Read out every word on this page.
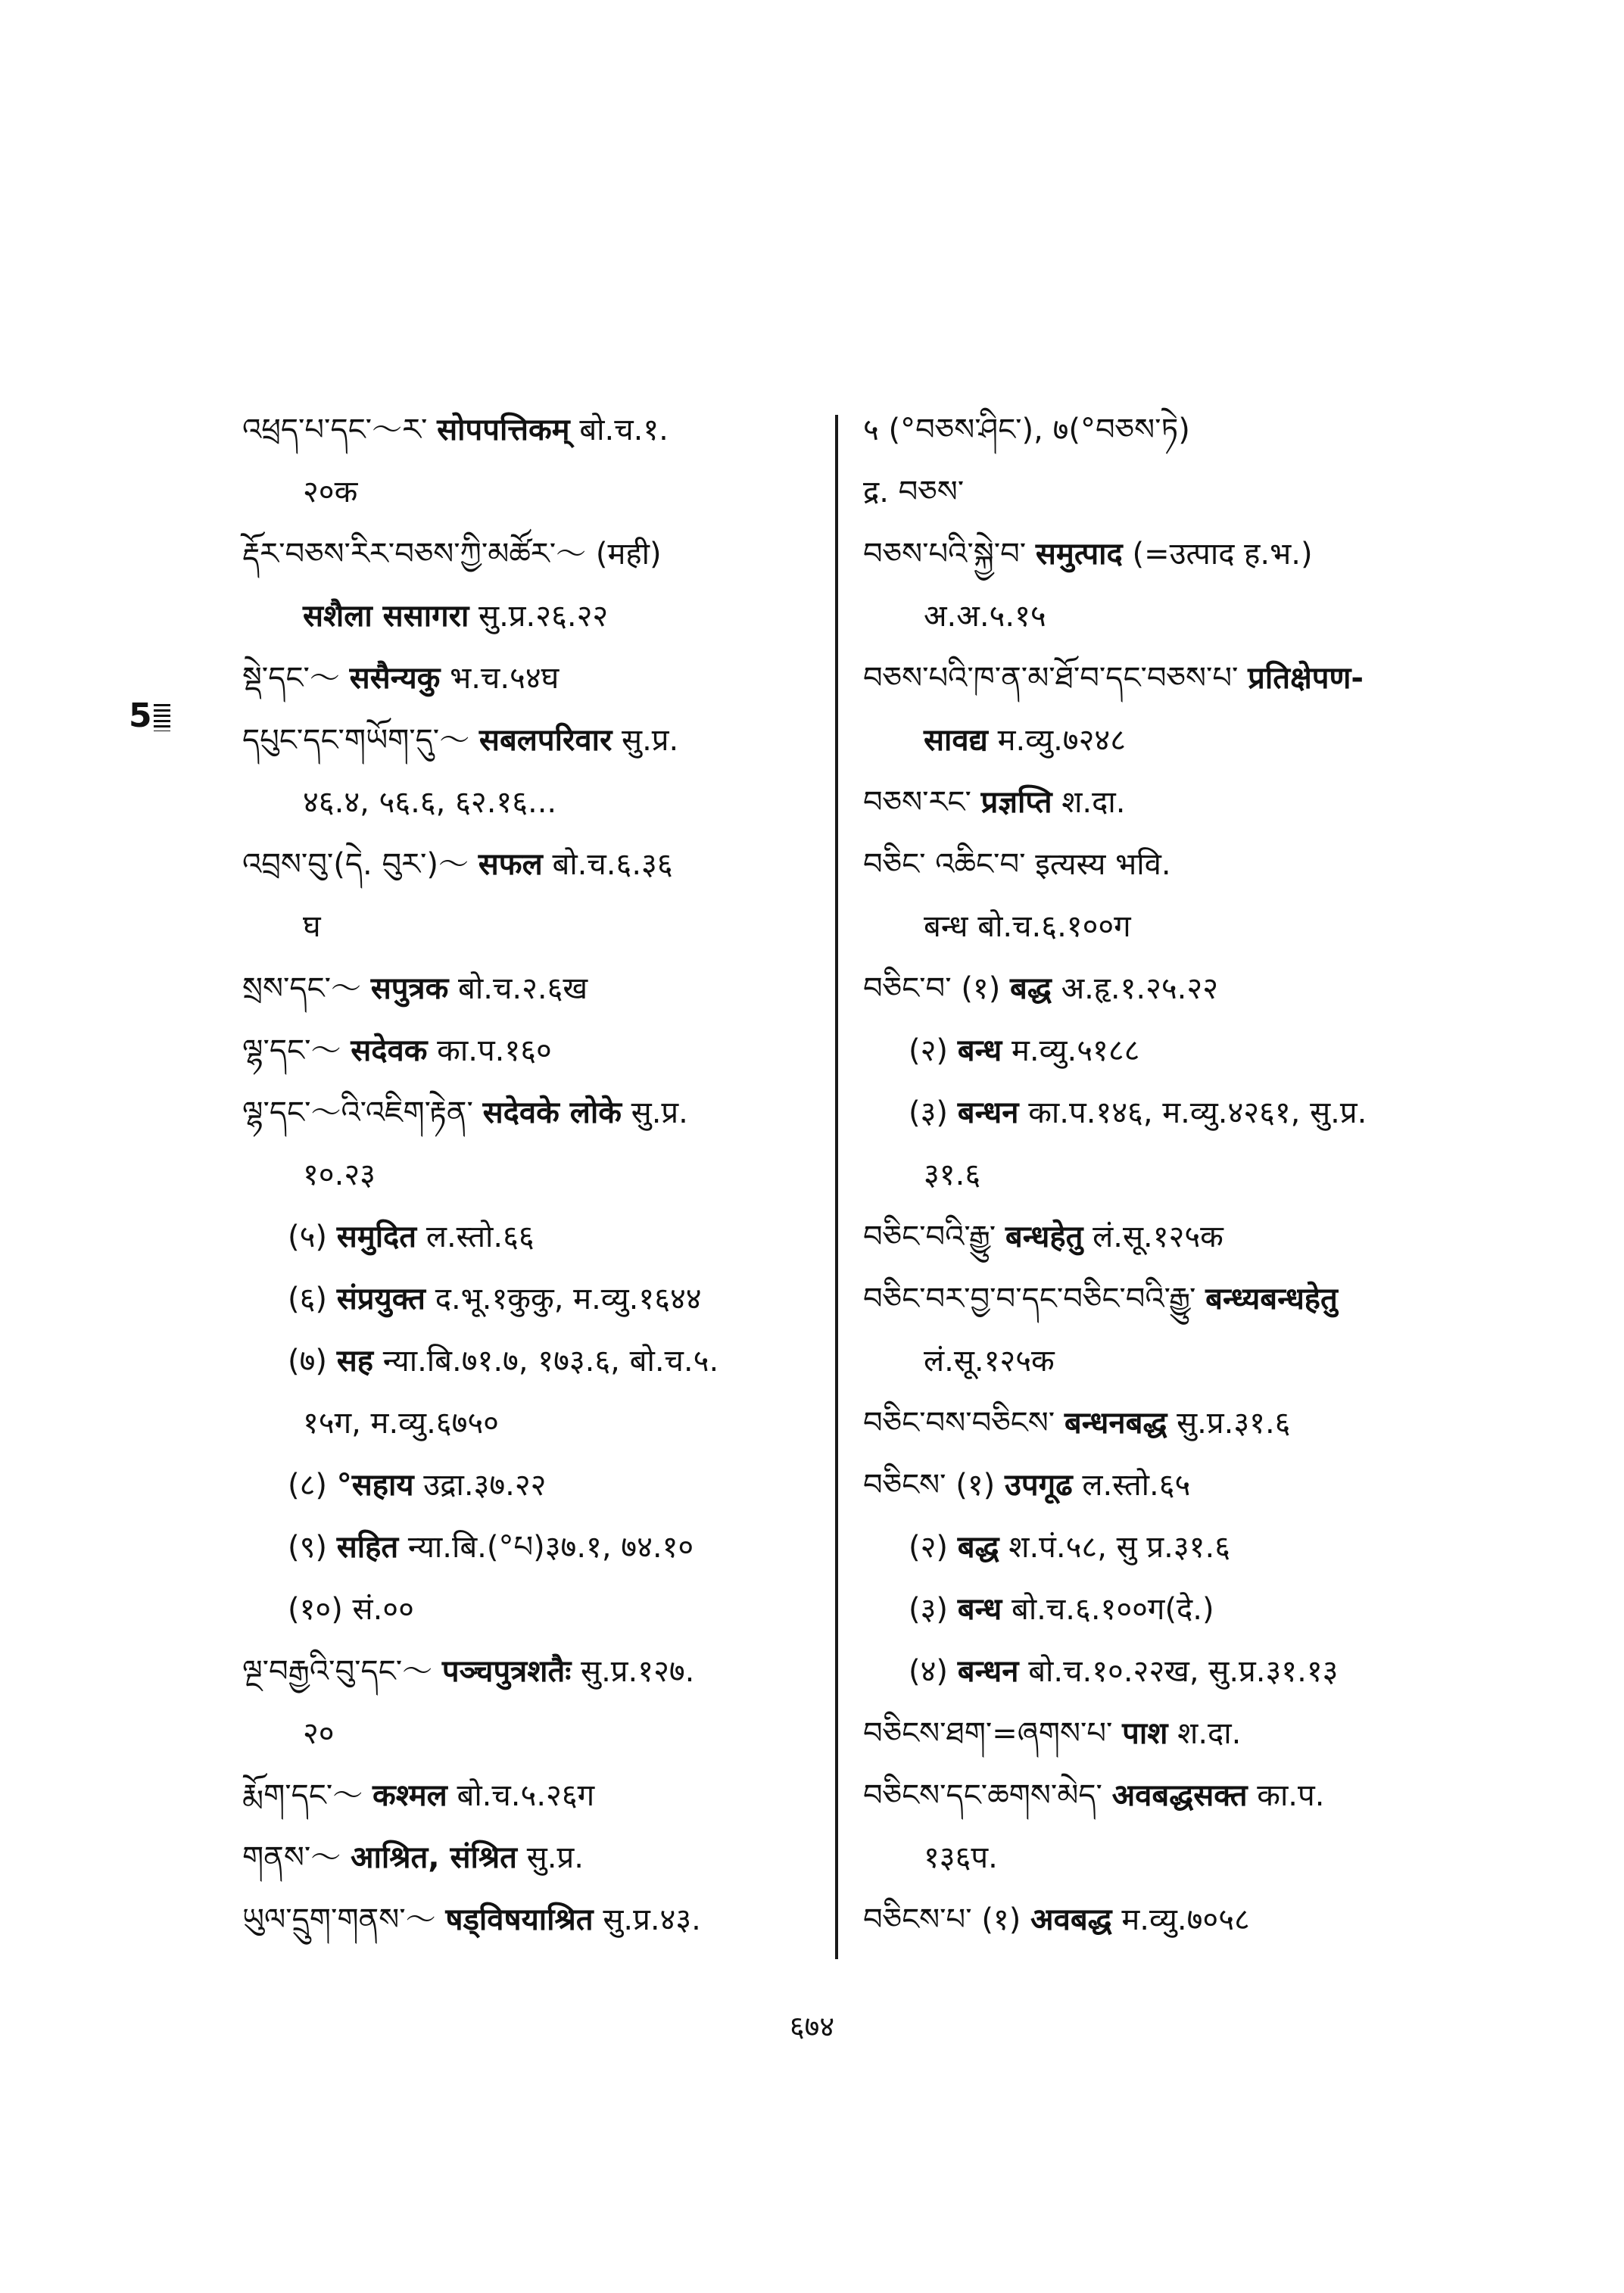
5
འཕྲད་པ་དང་～ར་ सोपपत्तिकम् बो.च.१.
२०क
རྡོར་བཅས་རིར་བཅས་ཀྱི་མཚོར་～ (मही)
सशैला ससागरा सु.प्र.२६.२२
སྡེ་དང་～ ससैन्यकु भ.च.५४घ
དཔུང་དང་གཡོག་དུ་～ सबलपरिवार सु.प्र.
४६.४, ५६.६, ६२.१६...
འབྲས་བུ་(དེ. བུར་)～ सफल बो.च.६.३६
घ
སྲས་དང་～ सपुत्रक बो.च.२.६ख
ལྷ་དང་～ सदेवक का.प.१६०
ལྷ་དང་～འི་འཇིག་རྟེན་ सदेवके लोके सु.प्र.
१०.२३
(५) समुदित ल.स्तो.६६
(६) संप्रयुक्त द.भू.१कुकु, म.व्यु.१६४४
(७) सह न्या.बि.७१.७, १७३.६, बो.च.५.
१५ग, म.व्यु.६७५०
(८) °सहाय उद्रा.३७.२२
(९) सहित न्या.बि.(°པ)३७.१, ७४.१०
(१०) सं.००
ལྔ་བརྒྱའི་བུ་དང་～ पञ्चपुत्रशतैः सु.प्र.१२७.
२०
རྨོག་དང་～ कश्मल बो.च.५.२६ग
གནས་～ आश्रित, संश्रित सु.प्र.
ཡུལ་དྲུག་གནས་～ षड्विषयाश्रित सु.प्र.४३.
५ (°བཅས་ཤིང་), ७(°བཅས་ཏེ)
द्र. བཅས་
བཅས་པའི་སྐྱེ་བ་ समुत्पाद (=उत्पाद ह.भ.)
अ.अ.५.१५
བཅས་པའི་ཁ་ན་མ་ཐོ་བ་དང་བཅས་པ་ प्रतिक्षेपण-
सावद्य म.व्यु.७२४८
བཅས་རང་ प्रज्ञप्ति श.दा.
བཅིང་ འཆིང་བ་ इत्यस्य भवि.
बन्ध बो.च.६.१००ग
བཅིང་བ་ (१) बद्ध अ.हृ.१.२५.२२
(२) बन्ध म.व्यु.५१८८
(३) बन्धन का.प.१४६, म.व्यु.४२६१, सु.प्र.
३१.६
བཅིང་བའི་རྒྱུ་ बन्धहेतु लं.सू.१२५क
བཅིང་བར་བྱ་བ་དང་བཅིང་བའི་རྒྱུ་ बन्ध्यबन्धहेतु
लं.सू.१२५क
བཅིང་བས་བཅིངས་ बन्धनबद्ध सु.प्र.३१.६
བཅིངས་ (१) उपगूढ ल.स्तो.६५
(२) बद्ध श.पं.५८, सु प्र.३१.६
(३) बन्ध बो.च.६.१००ग(दे.)
(४) बन्धन बो.च.१०.२२ख, सु.प्र.३१.१३
བཅིངས་ཐག་=ཞགས་པ་ पाश श.दा.
བཅིངས་དང་ཆགས་མེད་ अवबद्धसक्त का.प.
१३६प.
བཅིངས་པ་ (१) अवबद्ध म.व्यु.७०५८
६७४
